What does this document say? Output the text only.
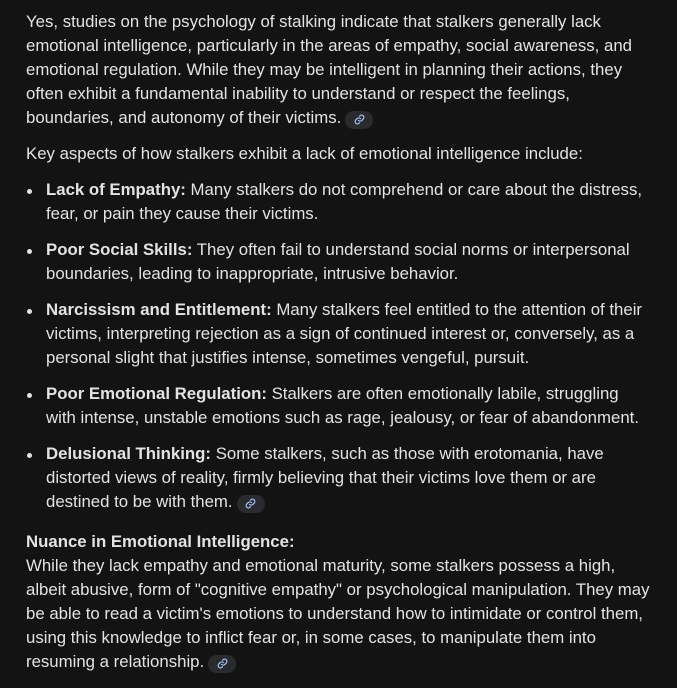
Yes, studies on the psychology of stalking indicate that stalkers generally lack emotional intelligence, particularly in the areas of empathy, social awareness, and emotional regulation. While they may be intelligent in planning their actions, they often exhibit a fundamental inability to understand or respect the feelings, boundaries, and autonomy of their victims.

Key aspects of how stalkers exhibit a lack of emotional intelligence include:

Lack of Empathy: Many stalkers do not comprehend or care about the distress, fear, or pain they cause their victims.
Poor Social Skills: They often fail to understand social norms or interpersonal boundaries, leading to inappropriate, intrusive behavior.
Narcissism and Entitlement: Many stalkers feel entitled to the attention of their victims, interpreting rejection as a sign of continued interest or, conversely, as a personal slight that justifies intense, sometimes vengeful, pursuit.
Poor Emotional Regulation: Stalkers are often emotionally labile, struggling with intense, unstable emotions such as rage, jealousy, or fear of abandonment.
Delusional Thinking: Some stalkers, such as those with erotomania, have distorted views of reality, firmly believing that their victims love them or are destined to be with them.

Nuance in Emotional Intelligence:
While they lack empathy and emotional maturity, some stalkers possess a high, albeit abusive, form of "cognitive empathy" or psychological manipulation. They may be able to read a victim's emotions to understand how to intimidate or control them, using this knowledge to inflict fear or, in some cases, to manipulate them into resuming a relationship.
